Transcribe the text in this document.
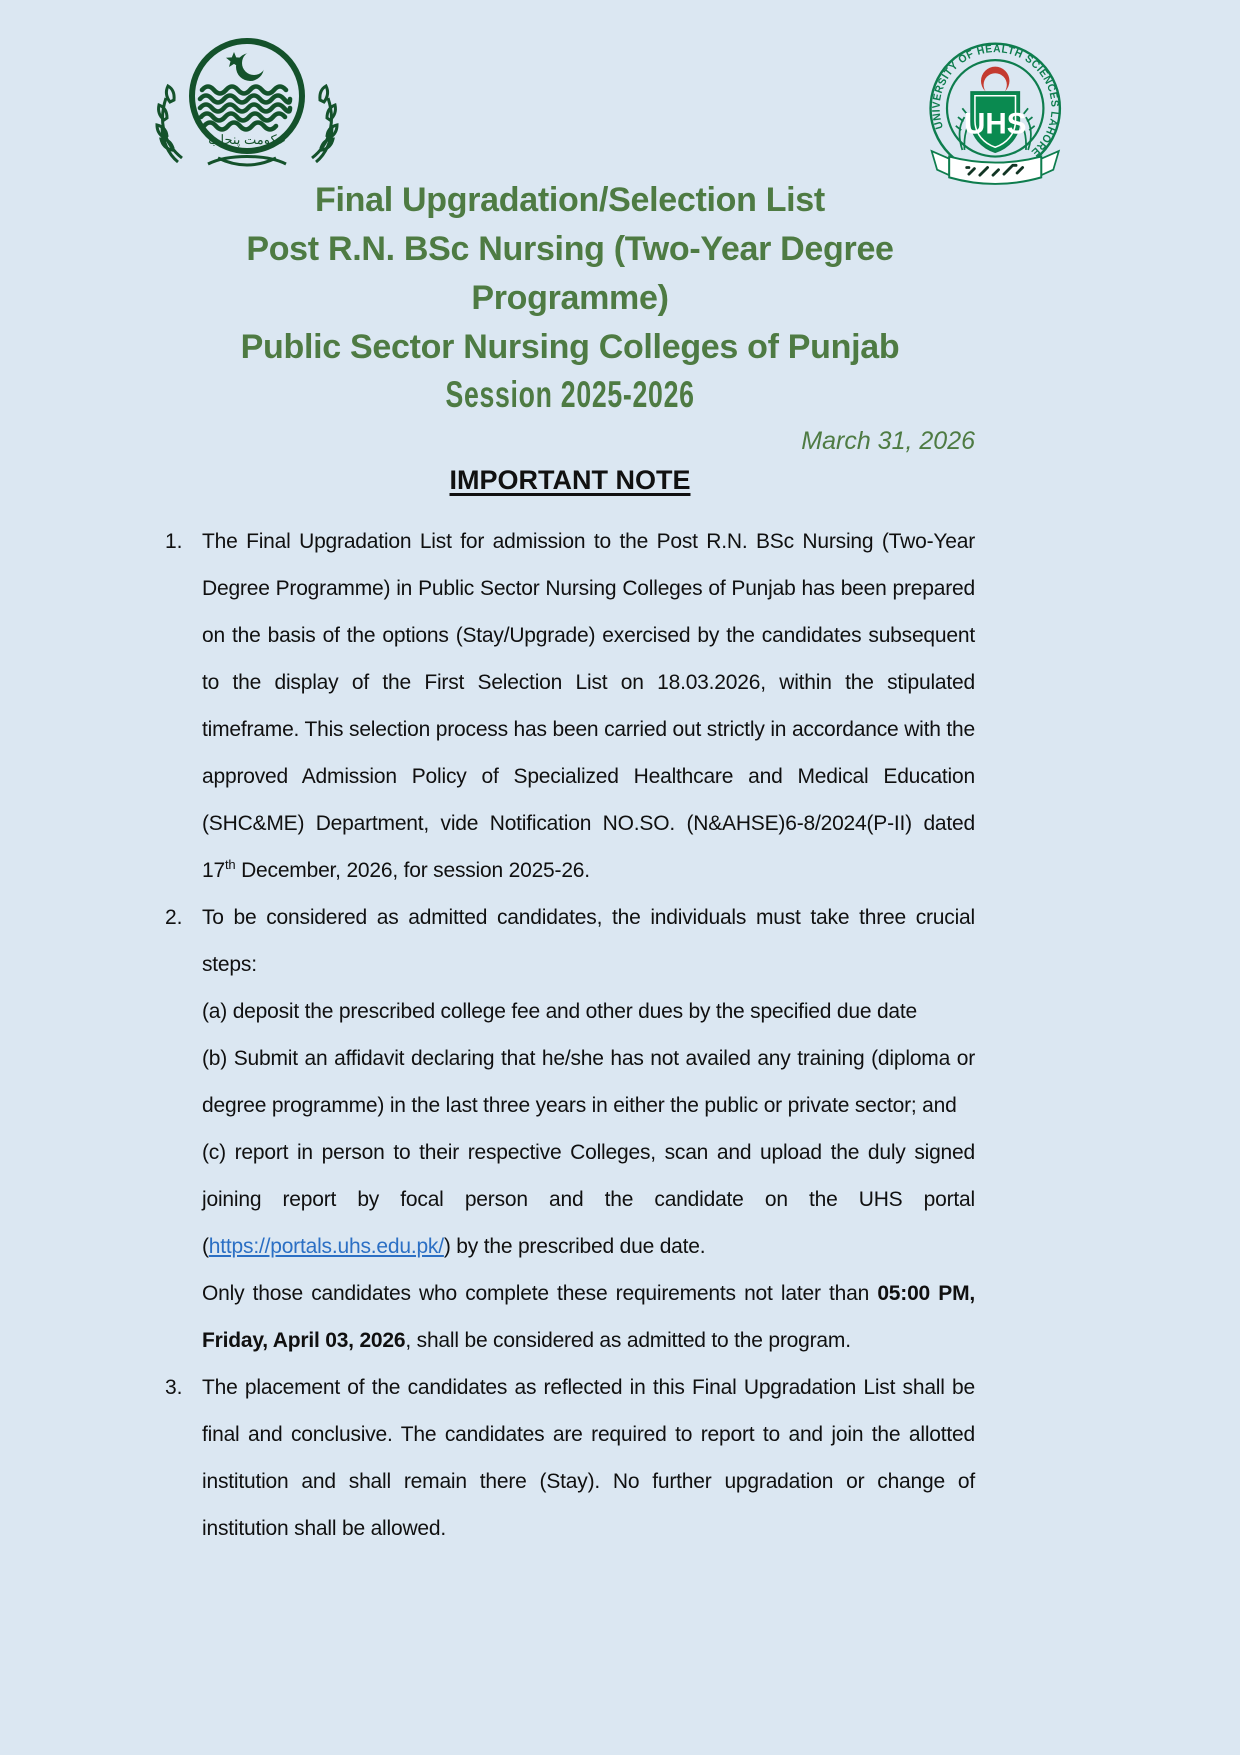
حکومت پنجاب
UNIVERSITY OF HEALTH SCIENCES LAHORE
UHS
Final Upgradation/Selection List
Post R.N. BSc Nursing (Two-Year Degree Programme)
Public Sector Nursing Colleges of Punjab
Session 2025-2026
March 31, 2026
IMPORTANT NOTE
1. The Final Upgradation List for admission to the Post R.N. BSc Nursing (Two-Year Degree Programme) in Public Sector Nursing Colleges of Punjab has been prepared on the basis of the options (Stay/Upgrade) exercised by the candidates subsequent to the display of the First Selection List on 18.03.2026, within the stipulated timeframe. This selection process has been carried out strictly in accordance with the approved Admission Policy of Specialized Healthcare and Medical Education (SHC&ME) Department, vide Notification NO.SO. (N&AHSE)6-8/2024(P-II) dated 17th December, 2026, for session 2025-26.

2. To be considered as admitted candidates, the individuals must take three crucial steps:

(a) deposit the prescribed college fee and other dues by the specified due date

(b) Submit an affidavit declaring that he/she has not availed any training (diploma or degree programme) in the last three years in either the public or private sector; and

(c) report in person to their respective Colleges, scan and upload the duly signed joining report by focal person and the candidate on the UHS portal (https://portals.uhs.edu.pk/) by the prescribed due date.

Only those candidates who complete these requirements not later than 05:00 PM, Friday, April 03, 2026, shall be considered as admitted to the program.

3. The placement of the candidates as reflected in this Final Upgradation List shall be final and conclusive. The candidates are required to report to and join the allotted institution and shall remain there (Stay). No further upgradation or change of institution shall be allowed.
